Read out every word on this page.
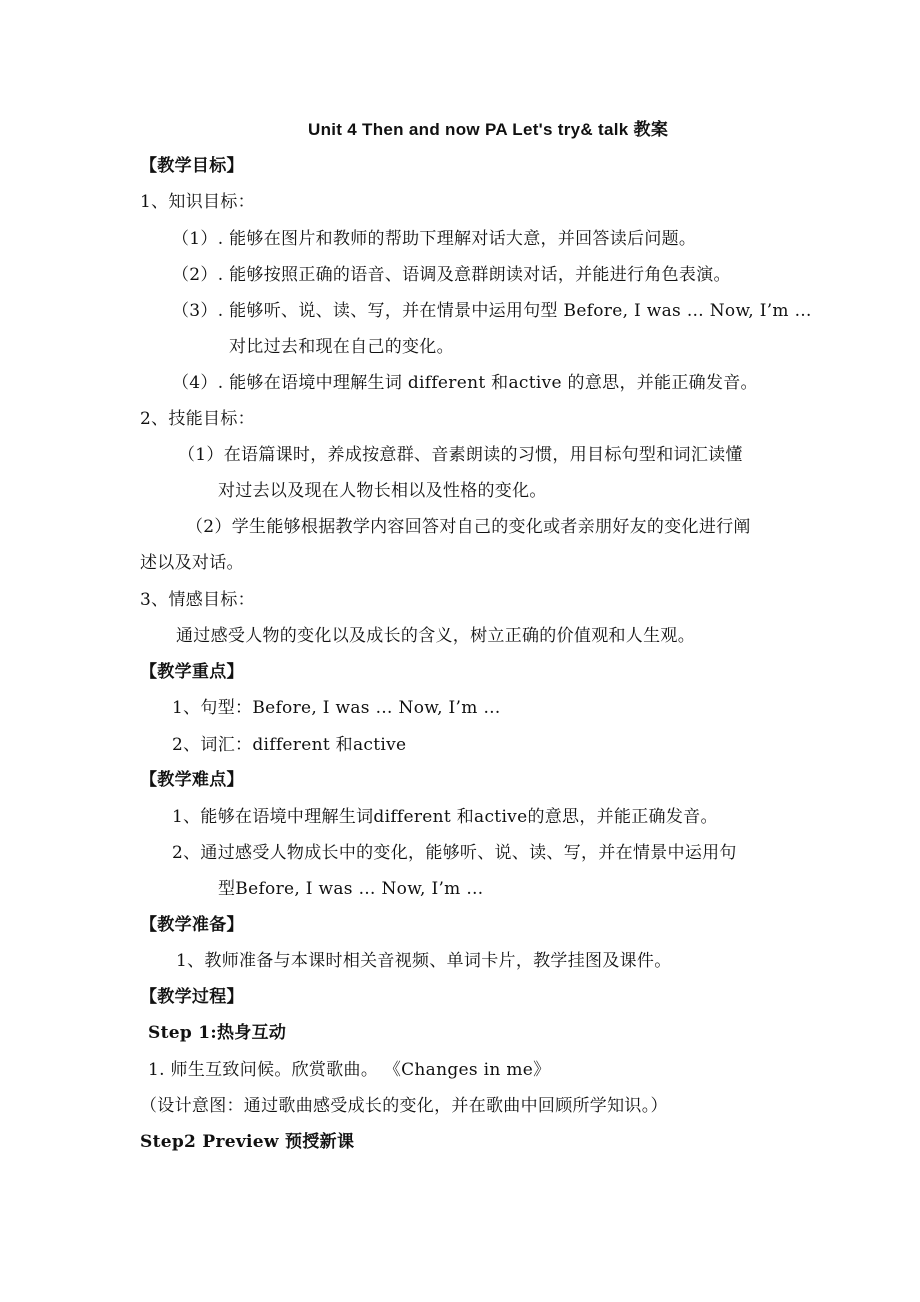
Unit 4 Then and now PA Let's try& talk 教案
【教学目标】
1、知识目标：
（1）. 能够在图片和教师的帮助下理解对话大意，并回答读后问题。
（2）. 能够按照正确的语音、语调及意群朗读对话，并能进行角色表演。
（3）. 能够听、说、读、写，并在情景中运用句型 Before, I was … Now, I’m …
对比过去和现在自己的变化。
（4）. 能够在语境中理解生词 different 和active 的意思，并能正确发音。
2、技能目标：
（1）在语篇课时，养成按意群、音素朗读的习惯，用目标句型和词汇读懂
对过去以及现在人物长相以及性格的变化。
（2）学生能够根据教学内容回答对自己的变化或者亲朋好友的变化进行阐
述以及对话。
3、情感目标：
通过感受人物的变化以及成长的含义，树立正确的价值观和人生观。
【教学重点】
1、句型：Before, I was … Now, I’m …
2、词汇：different 和active
【教学难点】
1、能够在语境中理解生词different 和active的意思，并能正确发音。
2、通过感受人物成长中的变化，能够听、说、读、写，并在情景中运用句
型Before, I was … Now, I’m …
【教学准备】
1、教师准备与本课时相关音视频、单词卡片，教学挂图及课件。
【教学过程】
Step 1:热身互动
1. 师生互致问候。欣赏歌曲。 《Changes in me》
（设计意图：通过歌曲感受成长的变化，并在歌曲中回顾所学知识。）
Step2 Preview 预授新课
